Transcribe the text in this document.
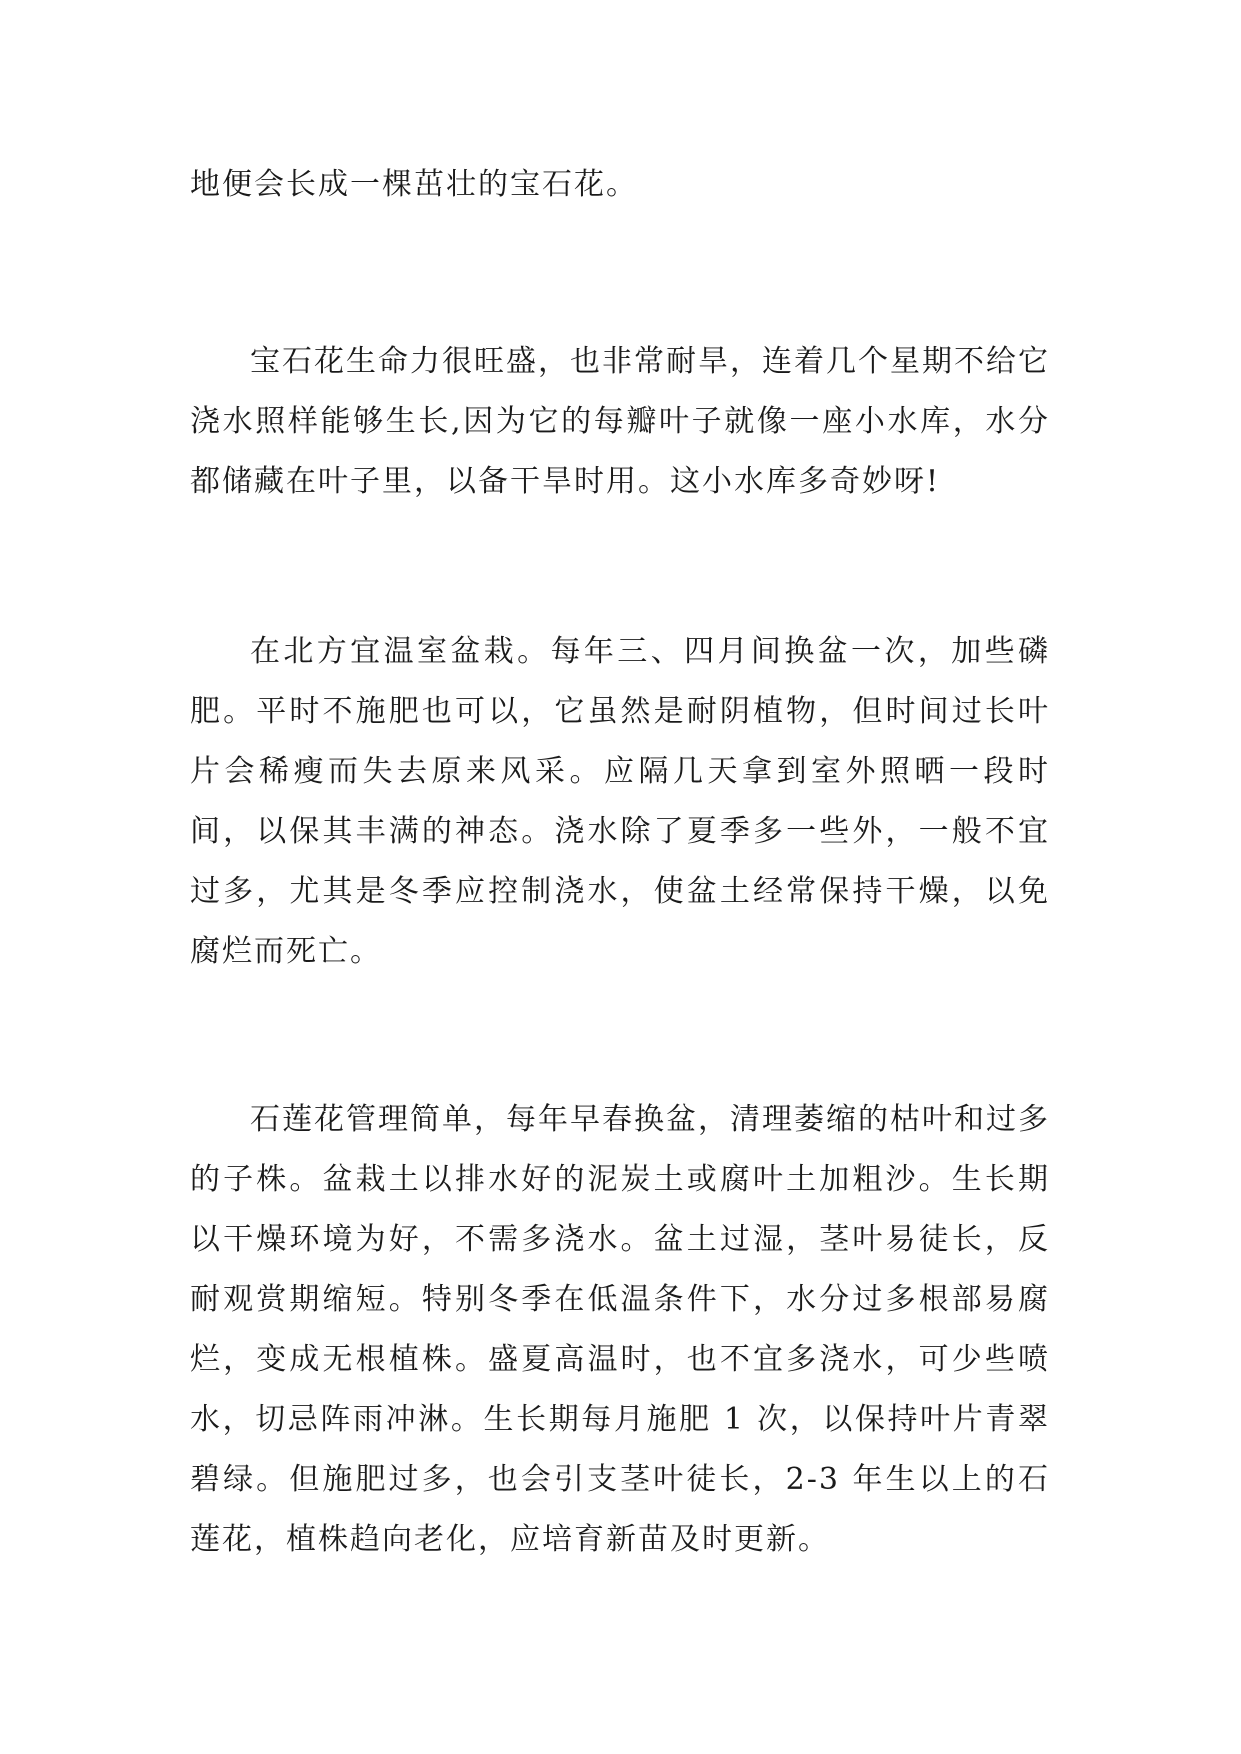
地便会长成一棵茁壮的宝石花。

宝石花生命力很旺盛，也非常耐旱，连着几个星期不给它浇水照样能够生长,因为它的每瓣叶子就像一座小水库，水分都储藏在叶子里，以备干旱时用。这小水库多奇妙呀!

在北方宜温室盆栽。每年三、四月间换盆一次，加些磷肥。平时不施肥也可以，它虽然是耐阴植物，但时间过长叶片会稀瘦而失去原来风采。应隔几天拿到室外照晒一段时间，以保其丰满的神态。浇水除了夏季多一些外，一般不宜过多，尤其是冬季应控制浇水，使盆土经常保持干燥，以免腐烂而死亡。

石莲花管理简单，每年早春换盆，清理萎缩的枯叶和过多的子株。盆栽土以排水好的泥炭土或腐叶土加粗沙。生长期以干燥环境为好，不需多浇水。盆土过湿，茎叶易徒长，反耐观赏期缩短。特别冬季在低温条件下，水分过多根部易腐烂，变成无根植株。盛夏高温时，也不宜多浇水，可少些喷水，切忌阵雨冲淋。生长期每月施肥 1 次，以保持叶片青翠碧绿。但施肥过多，也会引支茎叶徒长，2-3 年生以上的石莲花，植株趋向老化，应培育新苗及时更新。
